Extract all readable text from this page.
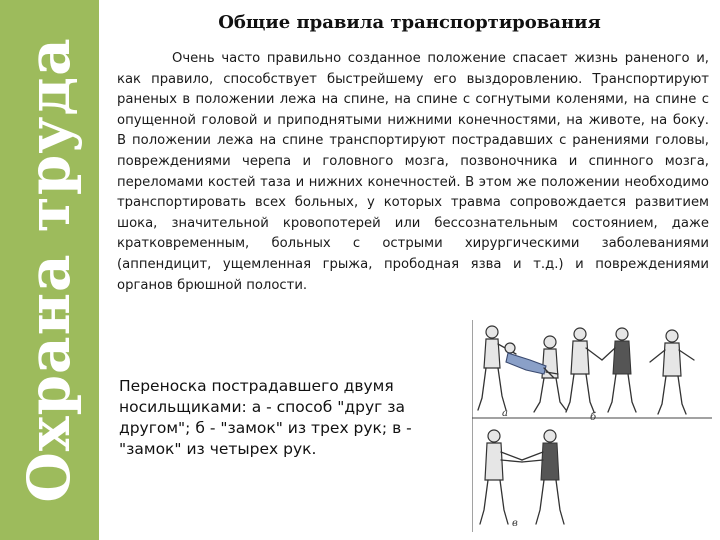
Охрана труда
Общие правила транспортирования

Очень часто правильно созданное положение спасает жизнь раненого и, как правило, способствует быстрейшему его выздоровлению. Транспортируют раненых в положении лежа на спине, на спине с согнутыми коленями, на спине с опущенной головой и приподнятыми нижними конечностями, на животе, на боку. В положении лежа на спине транспортируют пострадавших с ранениями головы, повреждениями черепа и головного мозга, позвоночника и спинного мозга, переломами костей таза и нижних конечностей. В этом же положении необходимо транспортировать всех больных, у которых травма сопровождается развитием шока, значительной кровопотерей или бессознательным состоянием, даже кратковременным, больных с острыми хирургическими заболеваниями (аппендицит, ущемленная грыжа, прободная язва и т.д.) и повреждениями органов брюшной полости.

Переноска пострадавшего двумя носильщиками: а - способ "друг за другом"; б - "замок" из трех рук; в - "замок" из четырех рук.
а	б
в
